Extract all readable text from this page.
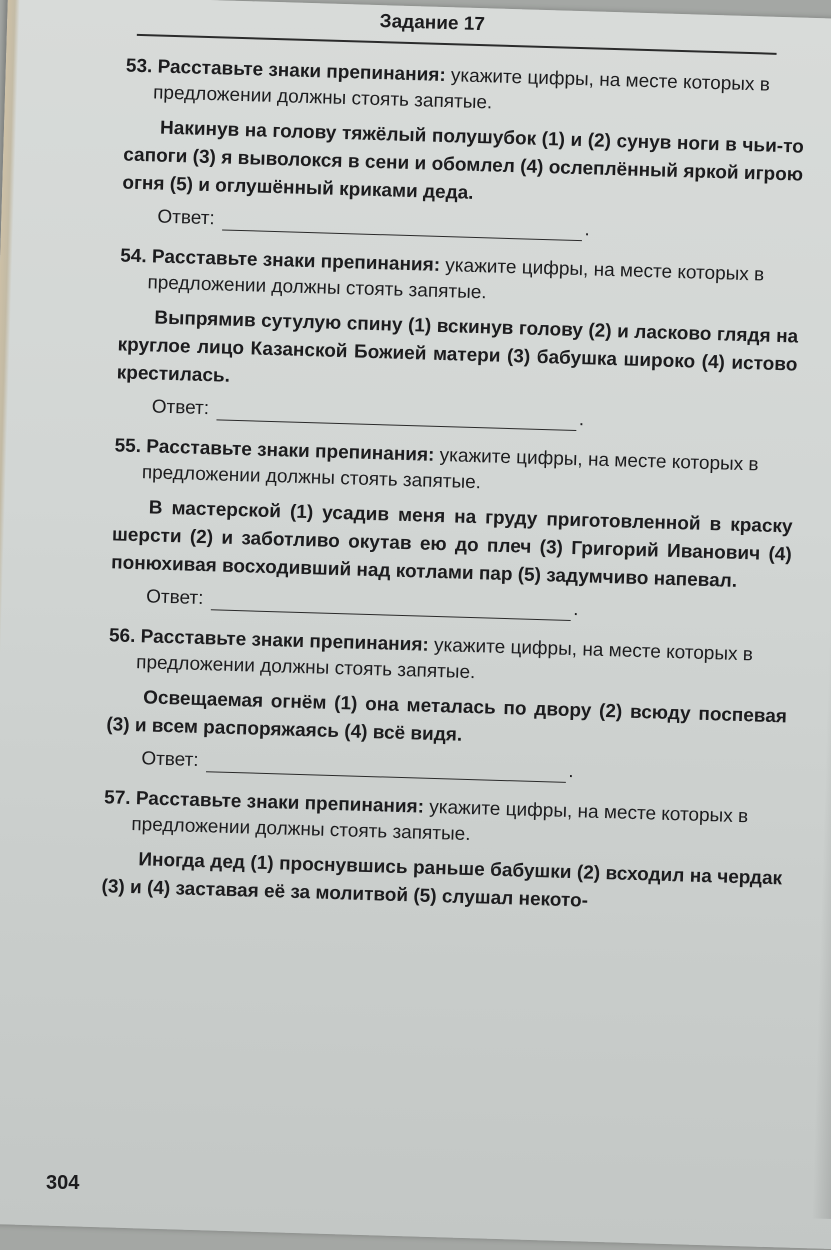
Задание 17
53. Расставьте знаки препинания: укажите цифры, на месте которых в предложении должны стоять запятые.
Накинув на голову тяжёлый полушубок (1) и (2) сунув ноги в чьи-то сапоги (3) я выволокся в сени и обомлел (4) ослеплённый яркой игрою огня (5) и оглушённый криками деда.
Ответ:
.
54. Расставьте знаки препинания: укажите цифры, на месте которых в предложении должны стоять запятые.
Выпрямив сутулую спину (1) вскинув голову (2) и ласково глядя на круглое лицо Казанской Божией матери (3) бабушка широко (4) истово крестилась.
Ответ:
.
55. Расставьте знаки препинания: укажите цифры, на месте которых в предложении должны стоять запятые.
В мастерской (1) усадив меня на груду приготовленной в краску шерсти (2) и заботливо окутав ею до плеч (3) Григорий Иванович (4) понюхивая восходивший над котлами пар (5) задумчиво напевал.
Ответ:
.
56. Расставьте знаки препинания: укажите цифры, на месте которых в предложении должны стоять запятые.
Освещаемая огнём (1) она металась по двору (2) всюду поспевая (3) и всем распоряжаясь (4) всё видя.
Ответ:
.
57. Расставьте знаки препинания: укажите цифры, на месте которых в предложении должны стоять запятые.
Иногда дед (1) проснувшись раньше бабушки (2) всходил на чердак (3) и (4) заставая её за молитвой (5) слушал некото-
304
